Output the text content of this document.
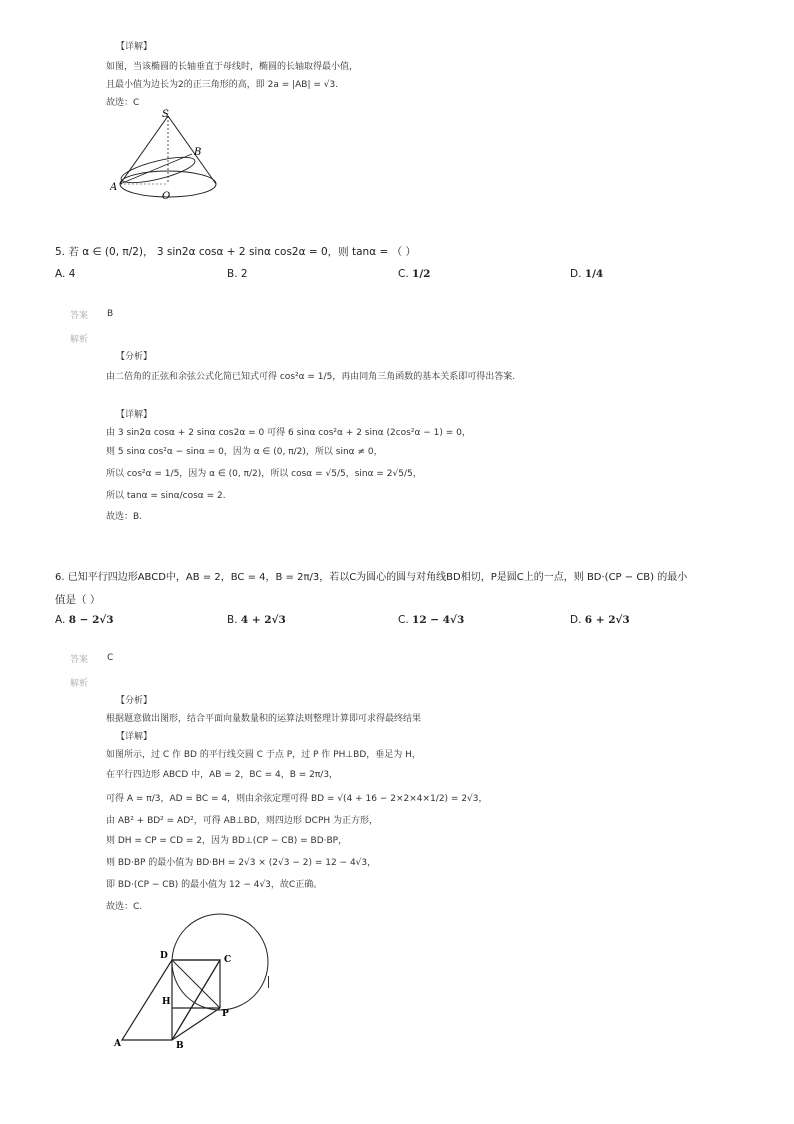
【详解】
如图，当该椭圆的长轴垂直于母线时，椭圆的长轴取得最小值，
且最小值为边长为2的正三角形的高，即 2a = |AB| = √3.
故选：C
S
B
A
O
5. 若 α ∈ (0, π/2)， 3 sin2α cosα + 2 sinα cos2α = 0，则 tanα = （ ）
A. 4	B. 2	C. 1/2	D. 1/4
答案 B
解析
【分析】
由二倍角的正弦和余弦公式化简已知式可得 cos²α = 1/5，再由同角三角函数的基本关系即可得出答案.
【详解】
由 3 sin2α cosα + 2 sinα cos2α = 0 可得 6 sinα cos²α + 2 sinα (2cos²α − 1) = 0，
则 5 sinα cos²α − sinα = 0，因为 α ∈ (0, π/2)，所以 sinα ≠ 0，
所以 cos²α = 1/5，因为 α ∈ (0, π/2)，所以 cosα = √5/5，sinα = 2√5/5，
所以 tanα = sinα/cosα = 2.
故选：B.
6. 已知平行四边形ABCD中，AB = 2，BC = 4，B = 2π/3，若以C为圆心的圆与对角线BD相切，P是圆C上的一点，则 BD·(CP − CB) 的最小
值是（ ）
A. 8 − 2√3	B. 4 + 2√3	C. 12 − 4√3	D. 6 + 2√3
答案 C
解析
【分析】
根据题意做出图形，结合平面向量数量积的运算法则整理计算即可求得最终结果
【详解】
如图所示，过 C 作 BD 的平行线交圆 C 于点 P，过 P 作 PH⊥BD，垂足为 H，
在平行四边形 ABCD 中，AB = 2，BC = 4，B = 2π/3，
可得 A = π/3，AD = BC = 4，则由余弦定理可得 BD = √(4 + 16 − 2×2×4×1/2) = 2√3，
由 AB² + BD² = AD²，可得 AB⊥BD，则四边形 DCPH 为正方形，
则 DH = CP = CD = 2，因为 BD⊥(CP − CB) = BD·BP，
则 BD·BP 的最小值为 BD·BH = 2√3 × (2√3 − 2) = 12 − 4√3，
即 BD·(CP − CB) 的最小值为 12 − 4√3，故C正确。
故选：C.
D	C
H
P
A	B
